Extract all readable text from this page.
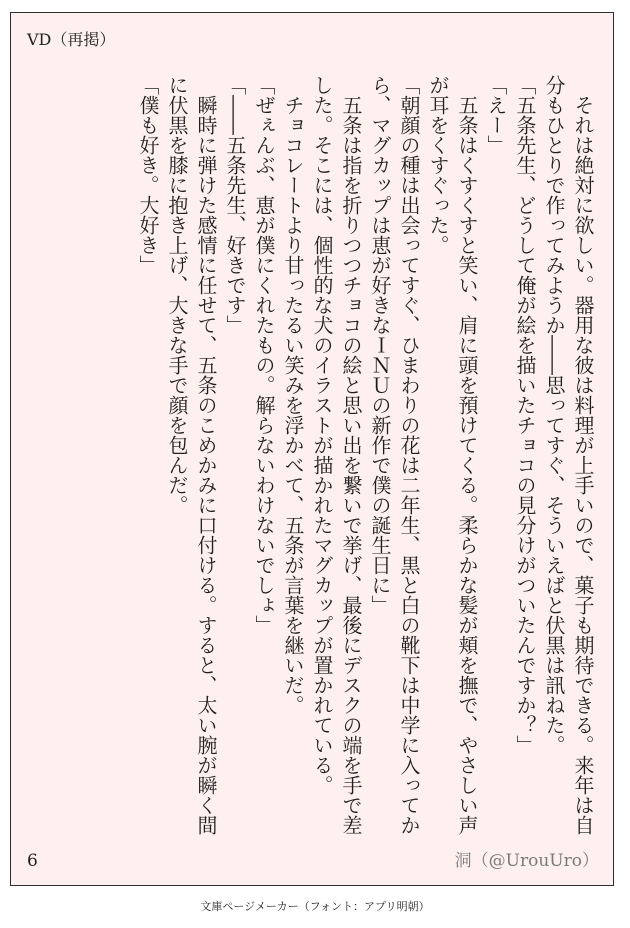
VD（再掲）

　それは絶対に欲しい。器用な彼は料理が上手いので、菓子も期待できる。来年は自分もひとりで作ってみようか――思ってすぐ、そういえばと伏黒は訊ねた。

「五条先生、どうして俺が絵を描いたチョコの見分けがついたんですか？」

「えー」

　五条はくすくすと笑い、肩に頭を預けてくる。柔らかな髪が頬を撫で、やさしい声が耳をくすぐった。

「朝顔の種は出会ってすぐ、ひまわりの花は二年生、黒と白の靴下は中学に入ってから、マグカップは恵が好きなＩＮＵの新作で僕の誕生日に」

　五条は指を折りつつチョコの絵と思い出を繋いで挙げ、最後にデスクの端を手で差した。そこには、個性的な犬のイラストが描かれたマグカップが置かれている。

　チョコレートより甘ったるい笑みを浮かべて、五条が言葉を継いだ。

「ぜぇんぶ、恵が僕にくれたもの。解らないわけないでしょ」

「――五条先生、好きです」

　瞬時に弾けた感情に任せて、五条のこめかみに口付ける。すると、太い腕が瞬く間に伏黒を膝に抱き上げ、大きな手で顔を包んだ。

「僕も好き。大好き」

6	洞（@UrouUro）
文庫ページメーカー（フォント：アプリ明朝）
